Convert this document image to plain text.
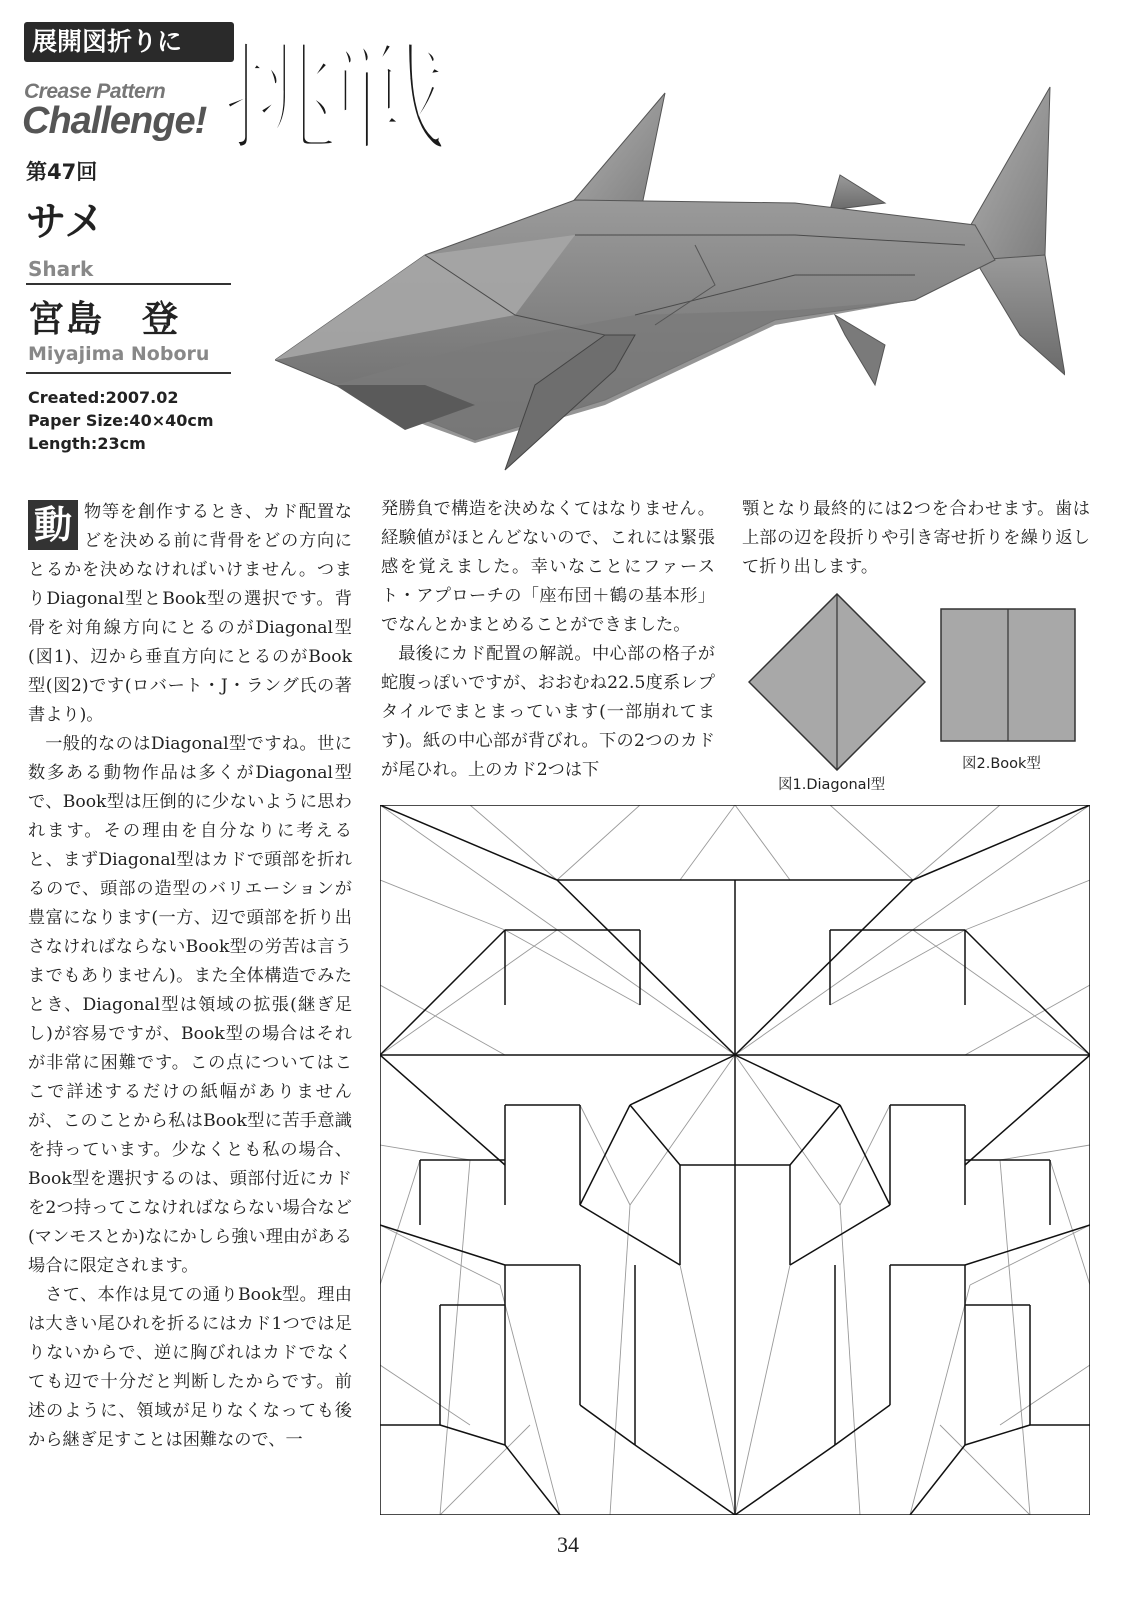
展開図折りに
Crease Pattern
Challenge! 挑戦
第47回
サメ
Shark
宮島　登
Miyajima Noboru
Created:2007.02
Paper Size:40×40cm
Length:23cm

動 物等を創作するとき、カド配置などを決める前に背骨をどの方向にとるかを決めなければいけません。つまりDiagonal型とBook型の選択です。背骨を対角線方向にとるのがDiagonal型(図1)、辺から垂直方向にとるのがBook型(図2)です(ロバート・J・ラング氏の著書より)。

一般的なのはDiagonal型ですね。世に数多ある動物作品は多くがDiagonal型で、Book型は圧倒的に少ないように思われます。その理由を自分なりに考えると、まずDiagonal型はカドで頭部を折れるので、頭部の造型のバリエーションが豊富になります(一方、辺で頭部を折り出さなければならないBook型の労苦は言うまでもありません)。また全体構造でみたとき、Diagonal型は領域の拡張(継ぎ足し)が容易ですが、Book型の場合はそれが非常に困難です。この点についてはここで詳述するだけの紙幅がありませんが、このことから私はBook型に苦手意識を持っています。少なくとも私の場合、Book型を選択するのは、頭部付近にカドを2つ持ってこなければならない場合など(マンモスとか)なにかしら強い理由がある場合に限定されます。

さて、本作は見ての通りBook型。理由は大きい尾ひれを折るにはカド1つでは足りないからで、逆に胸びれはカドでなくても辺で十分だと判断したからです。前述のように、領域が足りなくなっても後から継ぎ足すことは困難なので、一

発勝負で構造を決めなくてはなりません。経験値がほとんどないので、これには緊張感を覚えました。幸いなことにファースト・アプローチの「座布団＋鶴の基本形」でなんとかまとめることができました。

最後にカド配置の解説。中心部の格子が蛇腹っぽいですが、おおむね22.5度系レプタイルでまとまっています(一部崩れてます)。紙の中心部が背びれ。下の2つのカドが尾ひれ。上のカド2つは下

顎となり最終的には2つを合わせます。歯は上部の辺を段折りや引き寄せ折りを繰り返して折り出します。

図1.Diagonal型
図2.Book型
34
